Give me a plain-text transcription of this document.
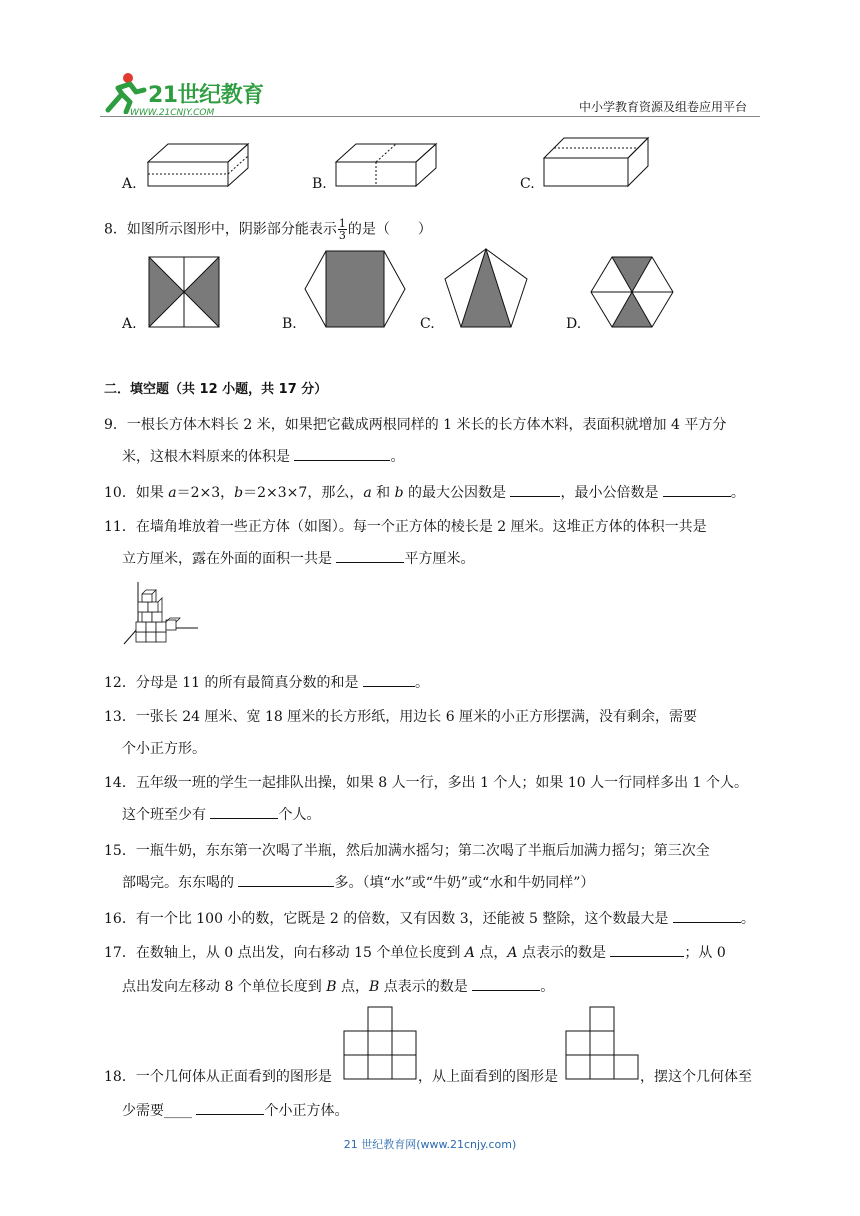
21世纪教育
WWW.21CNJY.COM	中小学教育资源及组卷应用平台
A.	B.	C.
8．如图所示图形中，阴影部分能表示 $\frac{1}{3}$ 的是（　　）
A.	B.	C.	D.
二．填空题（共 12 小题，共 17 分）
9．一根长方体木料长 2 米，如果把它截成两根同样的 1 米长的长方体木料，表面积就增加 4 平方分
米，这根木料原来的体积是	。
10．如果 a＝2×3，b＝2×3×7，那么，a 和 b 的最大公因数是	，最小公倍数是	。
11．在墙角堆放着一些正方体（如图）。每一个正方体的棱长是 2 厘米。这堆正方体的体积一共是
立方厘米，露在外面的面积一共是	平方厘米。
12．分母是 11 的所有最简真分数的和是	。
13．一张长 24 厘米、宽 18 厘米的长方形纸，用边长 6 厘米的小正方形摆满，没有剩余，需要
个小正方形。
14．五年级一班的学生一起排队出操，如果 8 人一行，多出 1 个人；如果 10 人一行同样多出 1 个人。
这个班至少有	个人。
15．一瓶牛奶，东东第一次喝了半瓶，然后加满水摇匀；第二次喝了半瓶后加满力摇匀；第三次全
部喝完。东东喝的	多。（填“水”或“牛奶”或“水和牛奶同样”）
16．有一个比 100 小的数，它既是 2 的倍数，又有因数 3，还能被 5 整除，这个数最大是	。
17．在数轴上，从 0 点出发，向右移动 15 个单位长度到 A 点，A 点表示的数是	；从 0
点出发向左移动 8 个单位长度到 B 点，B 点表示的数是	。
18．一个几何体从正面看到的图形是	，从上面看到的图形是	，摆这个几何体至
少需要____	个小正方体。
21 世纪教育网(www.21cnjy.com)
